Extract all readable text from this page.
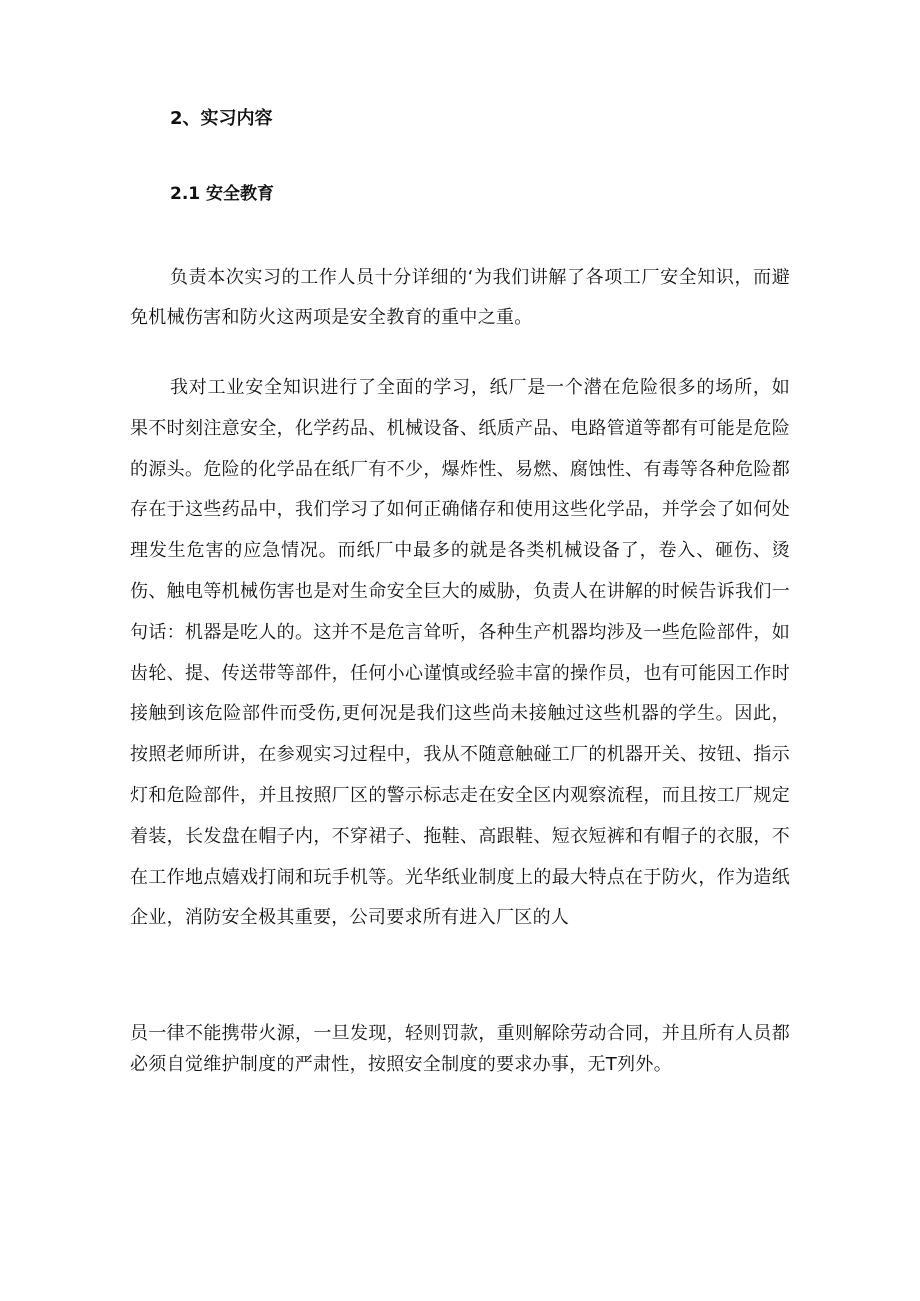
2、实习内容
2.1 安全教育

负责本次实习的工作人员十分详细的‘为我们讲解了各项工厂安全知识，而避免机械伤害和防火这两项是安全教育的重中之重。

我对工业安全知识进行了全面的学习，纸厂是一个潜在危险很多的场所，如果不时刻注意安全，化学药品、机械设备、纸质产品、电路管道等都有可能是危险的源头。危险的化学品在纸厂有不少，爆炸性、易燃、腐蚀性、有毒等各种危险都存在于这些药品中，我们学习了如何正确储存和使用这些化学品，并学会了如何处理发生危害的应急情况。而纸厂中最多的就是各类机械设备了，卷入、砸伤、烫伤、触电等机械伤害也是对生命安全巨大的威胁，负责人在讲解的时候告诉我们一句话：机器是吃人的。这并不是危言耸听，各种生产机器均涉及一些危险部件，如齿轮、提、传送带等部件，任何小心谨慎或经验丰富的操作员，也有可能因工作时接触到该危险部件而受伤,更何况是我们这些尚未接触过这些机器的学生。因此，按照老师所讲，在参观实习过程中，我从不随意触碰工厂的机器开关、按钮、指示灯和危险部件，并且按照厂区的警示标志走在安全区内观察流程，而且按工厂规定着装，长发盘在帽子内，不穿裙子、拖鞋、高跟鞋、短衣短裤和有帽子的衣服，不在工作地点嬉戏打闹和玩手机等。光华纸业制度上的最大特点在于防火，作为造纸企业，消防安全极其重要，公司要求所有进入厂区的人

员一律不能携带火源，一旦发现，轻则罚款，重则解除劳动合同，并且所有人员都必须自觉维护制度的严肃性，按照安全制度的要求办事，无T列外。
